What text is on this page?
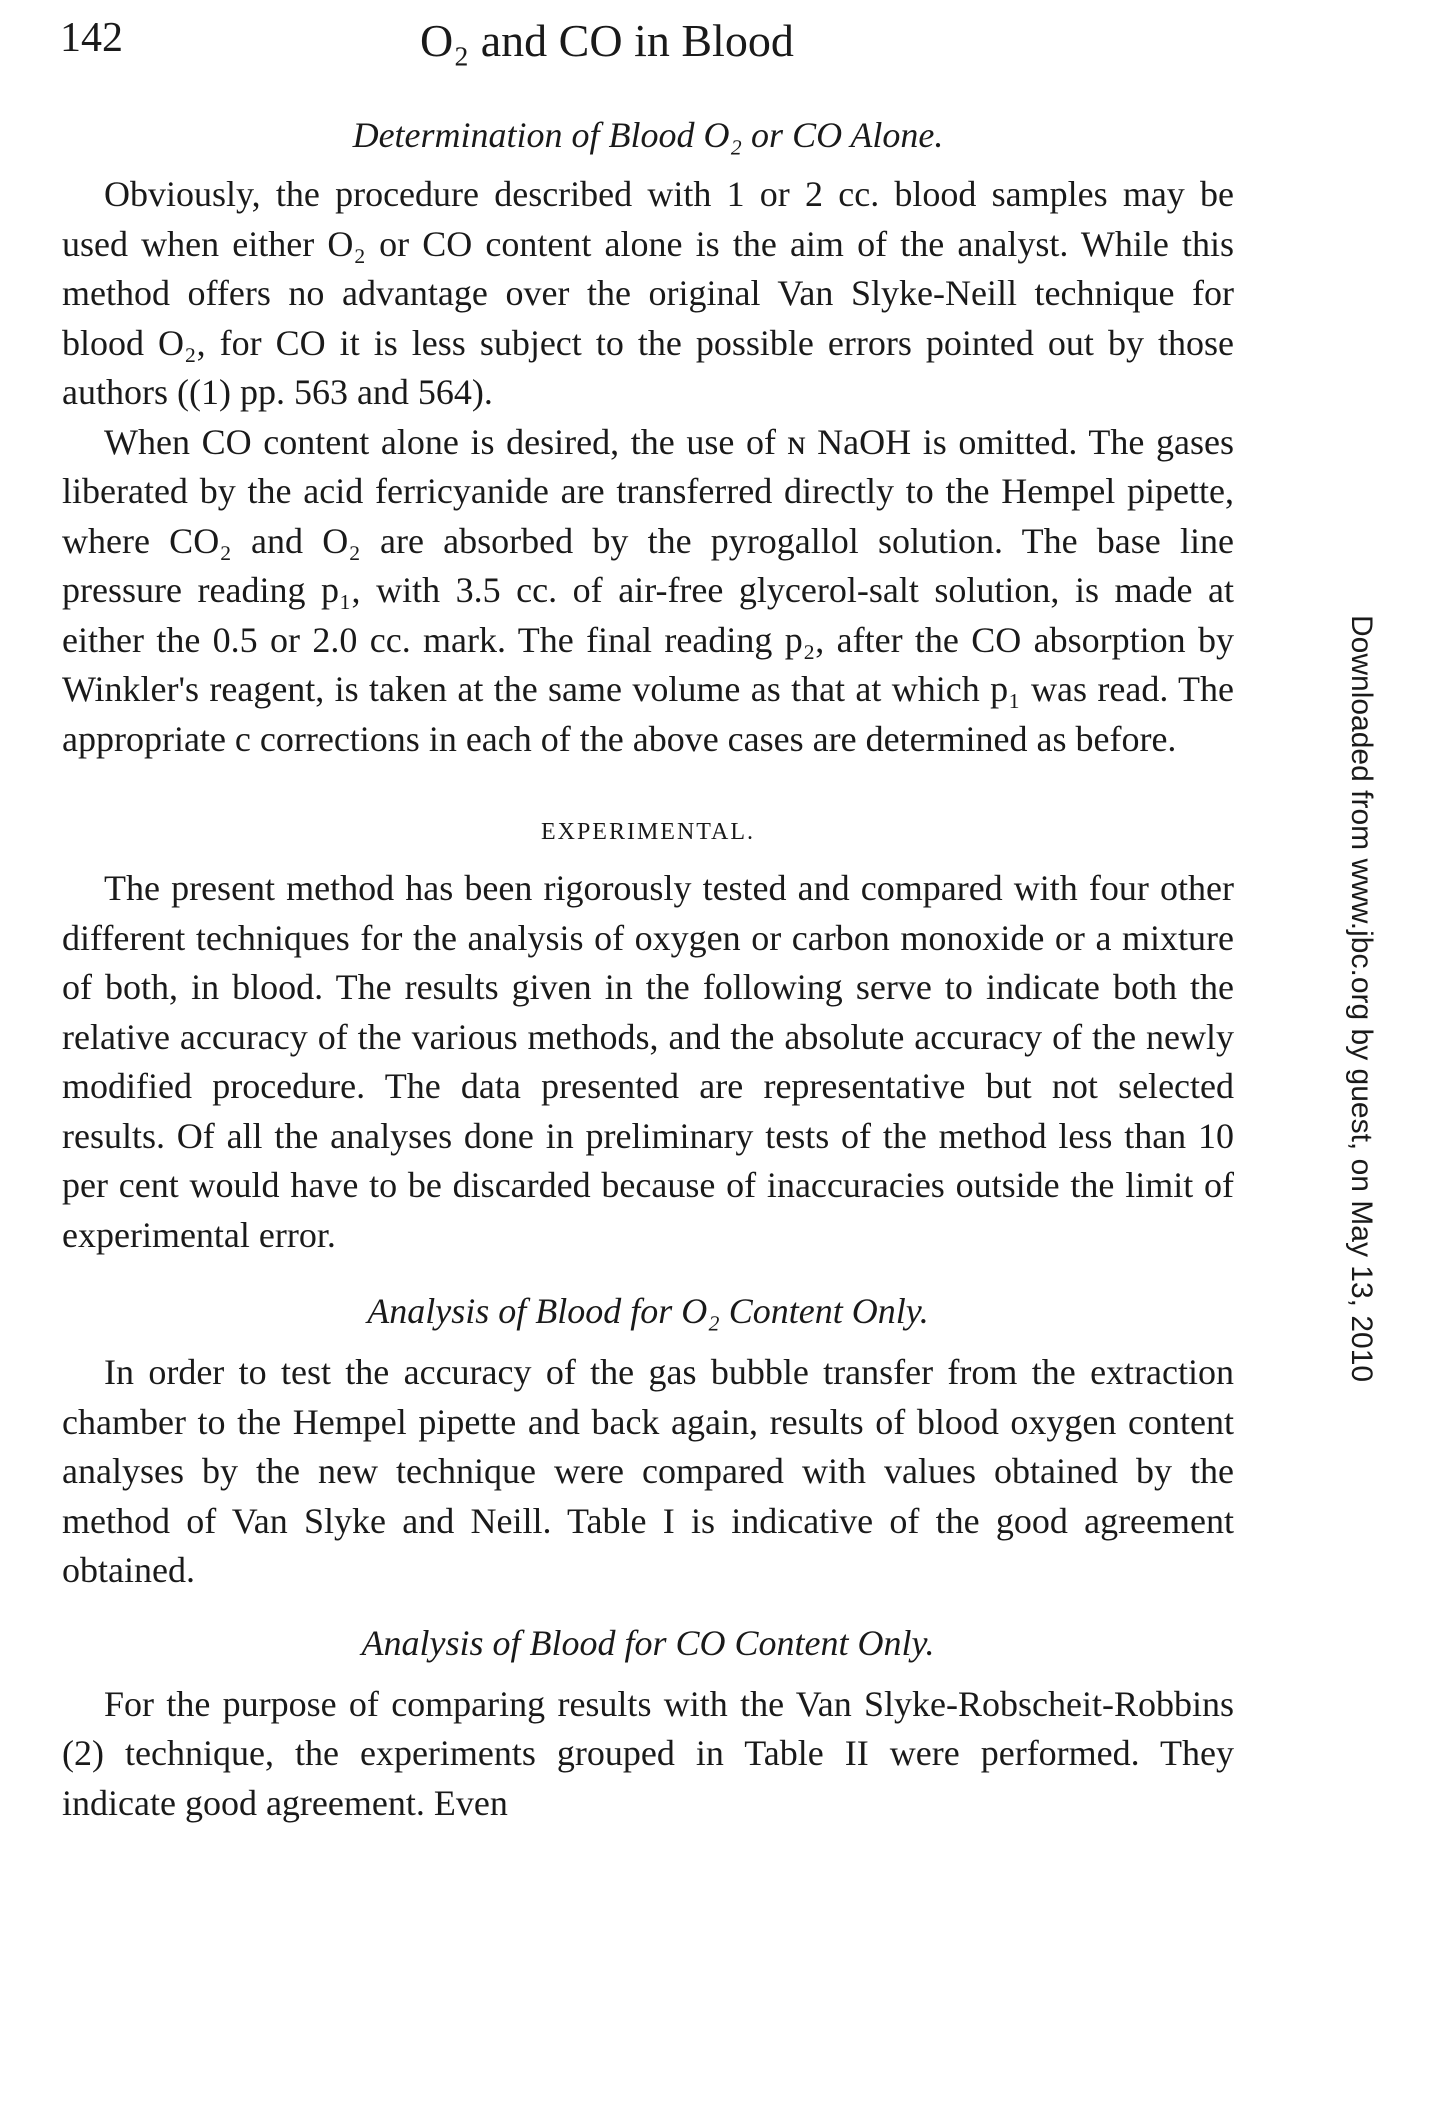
142	O₂ and CO in Blood
Determination of Blood O₂ or CO Alone.

Obviously, the procedure described with 1 or 2 cc. blood samples may be used when either O₂ or CO content alone is the aim of the analyst. While this method offers no advantage over the original Van Slyke-Neill technique for blood O₂, for CO it is less subject to the possible errors pointed out by those authors ((1) pp. 563 and 564).

When CO content alone is desired, the use of ɴ NaOH is omitted. The gases liberated by the acid ferricyanide are transferred directly to the Hempel pipette, where CO₂ and O₂ are absorbed by the pyrogallol solution. The base line pressure reading p₁, with 3.5 cc. of air-free glycerol-salt solution, is made at either the 0.5 or 2.0 cc. mark. The final reading p₂, after the CO absorption by Winkler's reagent, is taken at the same volume as that at which p₁ was read. The appropriate c corrections in each of the above cases are determined as before.

EXPERIMENTAL.

The present method has been rigorously tested and compared with four other different techniques for the analysis of oxygen or carbon monoxide or a mixture of both, in blood. The results given in the following serve to indicate both the relative accuracy of the various methods, and the absolute accuracy of the newly modified procedure. The data presented are representative but not selected results. Of all the analyses done in preliminary tests of the method less than 10 per cent would have to be discarded because of inaccuracies outside the limit of experimental error.

Analysis of Blood for O₂ Content Only.

In order to test the accuracy of the gas bubble transfer from the extraction chamber to the Hempel pipette and back again, results of blood oxygen content analyses by the new technique were compared with values obtained by the method of Van Slyke and Neill. Table I is indicative of the good agreement obtained.

Analysis of Blood for CO Content Only.

For the purpose of comparing results with the Van Slyke-Robscheit-Robbins (2) technique, the experiments grouped in Table II were performed. They indicate good agreement. Even

Downloaded from www.jbc.org by guest, on May 13, 2010
